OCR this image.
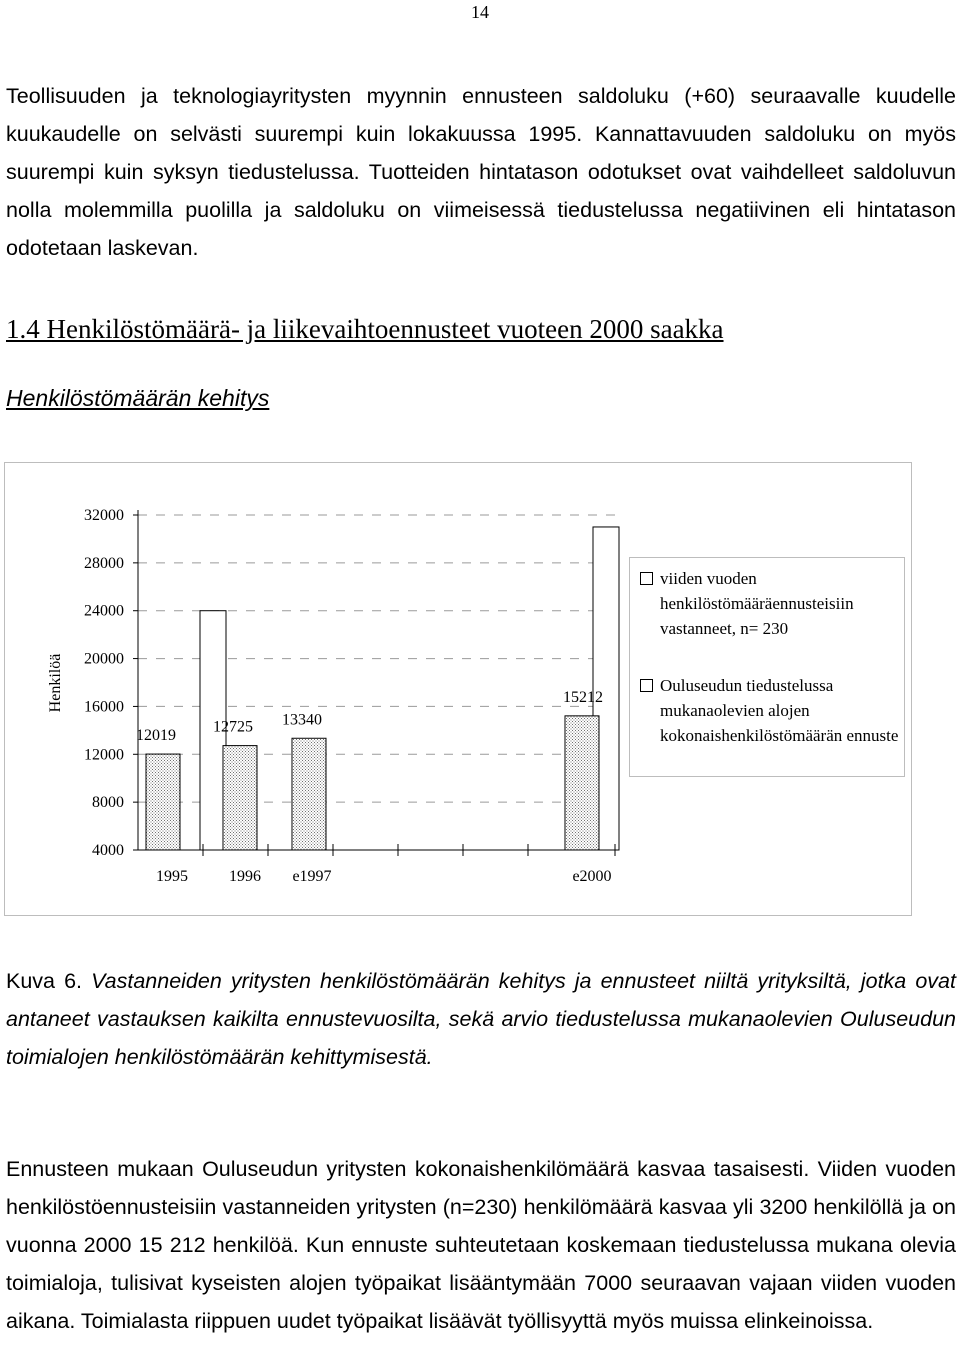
14

Teollisuuden ja teknologiayritysten myynnin ennusteen saldoluku (+60) seuraavalle kuudelle kuukaudelle on selvästi suurempi kuin lokakuussa 1995. Kannattavuuden saldoluku on myös suurempi kuin syksyn tiedustelussa. Tuotteiden hintatason odotukset ovat vaihdelleet saldoluvun nolla molemmilla puolilla ja saldoluku on viimeisessä tiedustelussa negatiivinen eli hintatason odotetaan laskevan.

1.4 Henkilöstömäärä- ja liikevaihtoennusteet vuoteen 2000 saakka
Henkilöstömäärän kehitys
4000
8000
12000
16000
20000
24000
28000
32000
12019
1995
12725
1996
13340
e1997
15212
e2000
Henkilöä
viiden vuoden henkilöstömääräennusteisiin vastanneet, n= 230
Ouluseudun tiedustelussa mukanaolevien alojen kokonaishenkilöstömäärän ennuste

Kuva 6. Vastanneiden yritysten henkilöstömäärän kehitys ja ennusteet niiltä yrityksiltä, jotka ovat antaneet vastauksen kaikilta ennustevuosilta, sekä arvio tiedustelussa mukanaolevien Ouluseudun toimialojen henkilöstömäärän kehittymisestä.

Ennusteen mukaan Ouluseudun yritysten kokonaishenkilömäärä kasvaa tasaisesti. Viiden vuoden henkilöstöennusteisiin vastanneiden yritysten (n=230) henkilömäärä kasvaa yli 3200 henkilöllä ja on vuonna 2000 15 212 henkilöä. Kun ennuste suhteutetaan koskemaan tiedustelussa mukana olevia toimialoja, tulisivat kyseisten alojen työpaikat lisääntymään 7000 seuraavan vajaan viiden vuoden aikana. Toimialasta riippuen uudet työpaikat lisäävät työllisyyttä myös muissa elinkeinoissa.
